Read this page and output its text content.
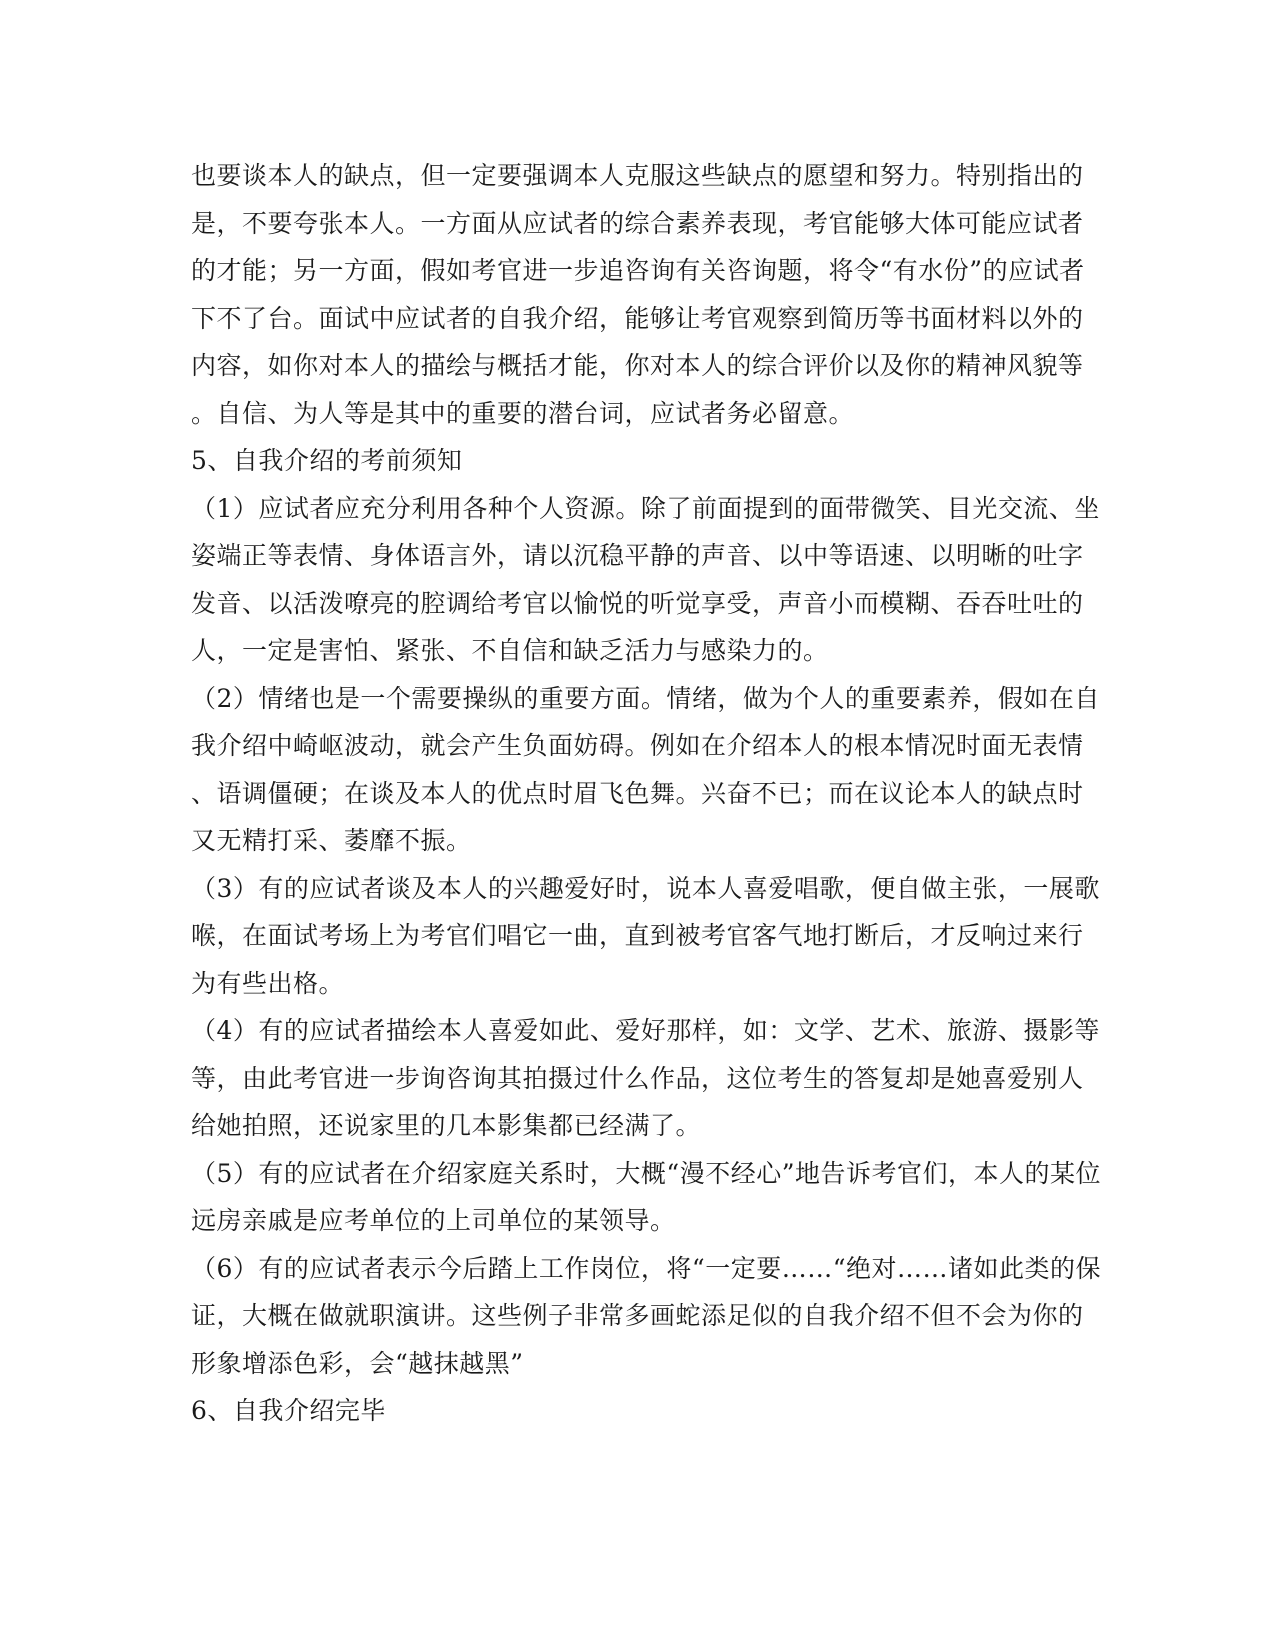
也要谈本人的缺点，但一定要强调本人克服这些缺点的愿望和努力。特别指出的
是，不要夸张本人。一方面从应试者的综合素养表现，考官能够大体可能应试者
的才能；另一方面，假如考官进一步追咨询有关咨询题，将令“有水份”的应试者
下不了台。面试中应试者的自我介绍，能够让考官观察到简历等书面材料以外的
内容，如你对本人的描绘与概括才能，你对本人的综合评价以及你的精神风貌等
。自信、为人等是其中的重要的潜台词，应试者务必留意。
5、自我介绍的考前须知
（1）应试者应充分利用各种个人资源。除了前面提到的面带微笑、目光交流、坐
姿端正等表情、身体语言外，请以沉稳平静的声音、以中等语速、以明晰的吐字
发音、以活泼嘹亮的腔调给考官以愉悦的听觉享受，声音小而模糊、吞吞吐吐的
人，一定是害怕、紧张、不自信和缺乏活力与感染力的。
（2）情绪也是一个需要操纵的重要方面。情绪，做为个人的重要素养，假如在自
我介绍中崎岖波动，就会产生负面妨碍。例如在介绍本人的根本情况时面无表情
、语调僵硬；在谈及本人的优点时眉飞色舞。兴奋不已；而在议论本人的缺点时
又无精打采、萎靡不振。
（3）有的应试者谈及本人的兴趣爱好时，说本人喜爱唱歌，便自做主张，一展歌
喉，在面试考场上为考官们唱它一曲，直到被考官客气地打断后，才反响过来行
为有些出格。
（4）有的应试者描绘本人喜爱如此、爱好那样，如：文学、艺术、旅游、摄影等
等，由此考官进一步询咨询其拍摄过什么作品，这位考生的答复却是她喜爱别人
给她拍照，还说家里的几本影集都已经满了。
（5）有的应试者在介绍家庭关系时，大概“漫不经心”地告诉考官们，本人的某位
远房亲戚是应考单位的上司单位的某领导。
（6）有的应试者表示今后踏上工作岗位，将“一定要……“绝对……诸如此类的保
证，大概在做就职演讲。这些例子非常多画蛇添足似的自我介绍不但不会为你的
形象增添色彩，会“越抹越黑”
6、自我介绍完毕
